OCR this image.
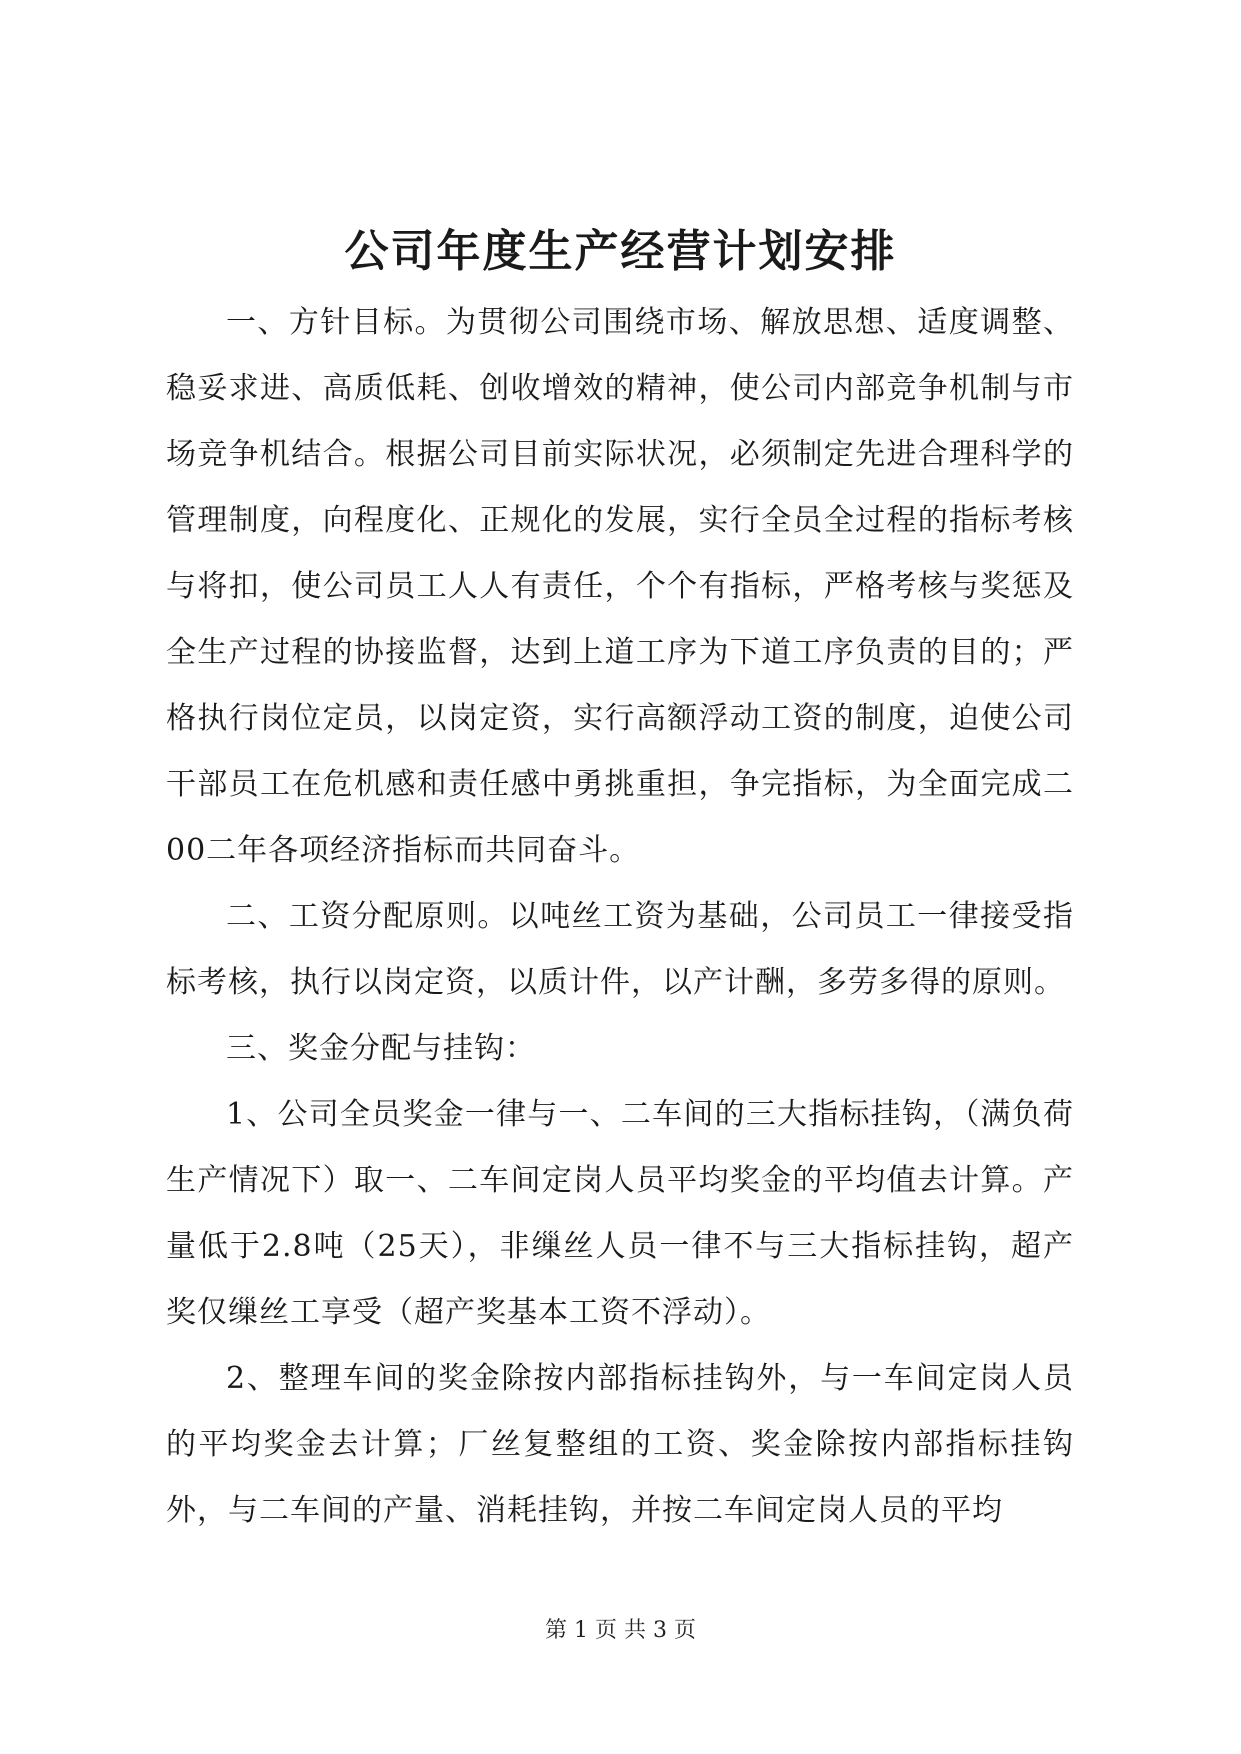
公司年度生产经营计划安排

一、方针目标。为贯彻公司围绕市场、解放思想、适度调整、稳妥求进、高质低耗、创收增效的精神，使公司内部竞争机制与市场竞争机结合。根据公司目前实际状况，必须制定先进合理科学的管理制度，向程度化、正规化的发展，实行全员全过程的指标考核与将扣，使公司员工人人有责任，个个有指标，严格考核与奖惩及全生产过程的协接监督，达到上道工序为下道工序负责的目的；严格执行岗位定员，以岗定资，实行高额浮动工资的制度，迫使公司干部员工在危机感和责任感中勇挑重担，争完指标，为全面完成二00二年各项经济指标而共同奋斗。

二、工资分配原则。以吨丝工资为基础，公司员工一律接受指标考核，执行以岗定资，以质计件，以产计酬，多劳多得的原则。

三、奖金分配与挂钩：

1、公司全员奖金一律与一、二车间的三大指标挂钩，（满负荷生产情况下）取一、二车间定岗人员平均奖金的平均值去计算。产量低于2.8吨（25天），非缫丝人员一律不与三大指标挂钩，超产奖仅缫丝工享受（超产奖基本工资不浮动）。

2、整理车间的奖金除按内部指标挂钩外，与一车间定岗人员的平均奖金去计算；厂丝复整组的工资、奖金除按内部指标挂钩外，与二车间的产量、消耗挂钩，并按二车间定岗人员的平均

第 1 页 共 3 页
